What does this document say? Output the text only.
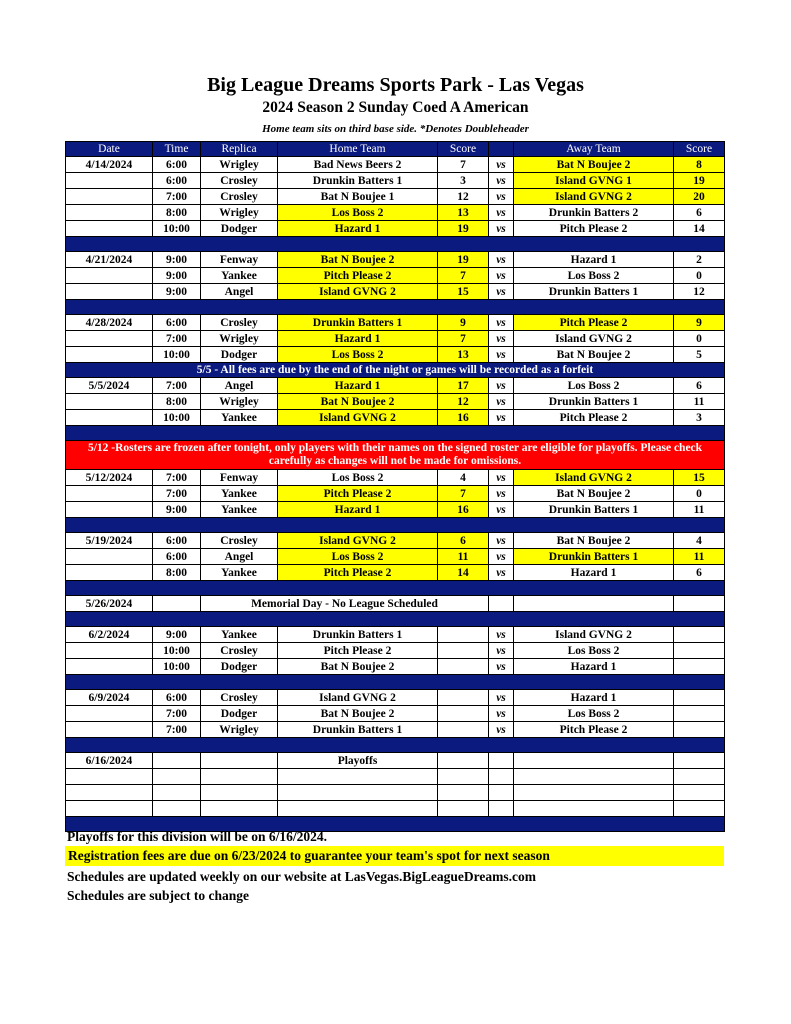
Big League Dreams Sports Park - Las Vegas
2024 Season 2 Sunday Coed A American
Home team sits on third base side. *Denotes Doubleheader
Date	Time	Replica	Home Team	Score		Away Team	Score
4/14/2024	6:00	Wrigley	Bad News Beers 2	7	vs	Bat N Boujee 2	8
	6:00	Crosley	Drunkin Batters 1	3	vs	Island GVNG 1	19
	7:00	Crosley	Bat N Boujee 1	12	vs	Island GVNG 2	20
	8:00	Wrigley	Los Boss 2	13	vs	Drunkin Batters 2	6
	10:00	Dodger	Hazard 1	19	vs	Pitch Please 2	14

4/21/2024	9:00	Fenway	Bat N Boujee 2	19	vs	Hazard 1	2
	9:00	Yankee	Pitch Please 2	7	vs	Los Boss 2	0
	9:00	Angel	Island GVNG 2	15	vs	Drunkin Batters 1	12

4/28/2024	6:00	Crosley	Drunkin Batters 1	9	vs	Pitch Please 2	9
	7:00	Wrigley	Hazard 1	7	vs	Island GVNG 2	0
	10:00	Dodger	Los Boss 2	13	vs	Bat N Boujee 2	5
5/5 - All fees are due by the end of the night or games will be recorded as a forfeit							
5/5/2024	7:00	Angel	Hazard 1	17	vs	Los Boss 2	6
	8:00	Wrigley	Bat N Boujee 2	12	vs	Drunkin Batters 1	11
	10:00	Yankee	Island GVNG 2	16	vs	Pitch Please 2	3

5/12 -Rosters are frozen after tonight, only players with their names on the signed roster are eligible for playoffs. Please check carefully as changes will not be made for omissions.							
5/12/2024	7:00	Fenway	Los Boss 2	4	vs	Island GVNG 2	15
	7:00	Yankee	Pitch Please 2	7	vs	Bat N Boujee 2	0
	9:00	Yankee	Hazard 1	16	vs	Drunkin Batters 1	11

5/19/2024	6:00	Crosley	Island GVNG 2	6	vs	Bat N Boujee 2	4
	6:00	Angel	Los Boss 2	11	vs	Drunkin Batters 1	11
	8:00	Yankee	Pitch Please 2	14	vs	Hazard 1	6

5/26/2024		Memorial Day - No League Scheduled					

6/2/2024	9:00	Yankee	Drunkin Batters 1		vs	Island GVNG 2	
	10:00	Crosley	Pitch Please 2		vs	Los Boss 2	
	10:00	Dodger	Bat N Boujee 2		vs	Hazard 1	

6/9/2024	6:00	Crosley	Island GVNG 2		vs	Hazard 1	
	7:00	Dodger	Bat N Boujee 2		vs	Los Boss 2	
	7:00	Wrigley	Drunkin Batters 1		vs	Pitch Please 2	

6/16/2024			Playoffs				

Playoffs for this division will be on 6/16/2024.
Registration fees are due on 6/23/2024 to guarantee your team's spot for next season
Schedules are updated weekly on our website at LasVegas.BigLeagueDreams.com
Schedules are subject to change
